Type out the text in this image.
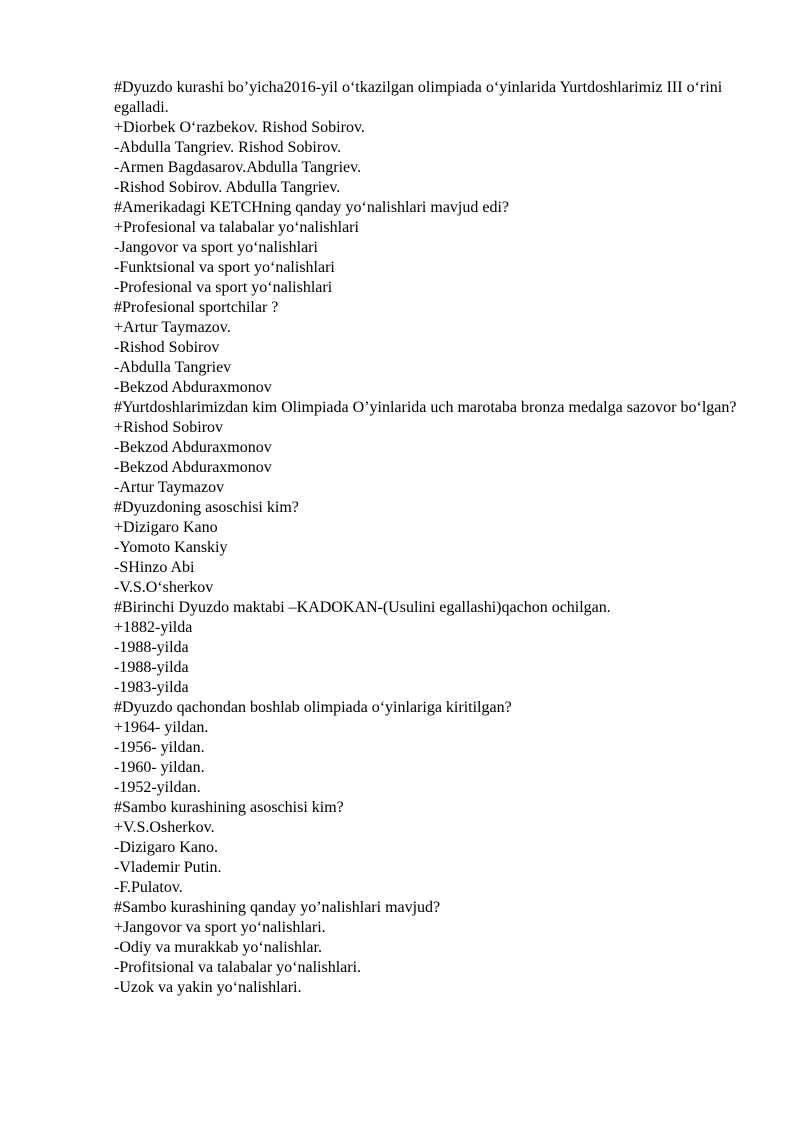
#Dyuzdo kurashi bo’yicha2016-yil o‘tkazilgan olimpiada o‘yinlarida Yurtdoshlarimiz III o‘rini egalladi.

+Diorbek O‘razbekov. Rishod Sobirov.

-Abdulla Tangriev. Rishod Sobirov.

-Armen Bagdasarov.Abdulla Tangriev.

-Rishod Sobirov. Abdulla Tangriev.

#Amerikadagi KETCHning qanday yo‘nalishlari mavjud edi?

+Profesional va talabalar yo‘nalishlari

-Jangovor va sport yo‘nalishlari

-Funktsional va sport yo‘nalishlari

-Profesional va sport yo‘nalishlari

#Profesional sportchilar ?

+Artur Taymazov.

-Rishod Sobirov

-Abdulla Tangriev

-Bekzod Abduraxmonov

#Yurtdoshlarimizdan kim Olimpiada O’yinlarida uch marotaba bronza medalga sazovor bo‘lgan?

+Rishod Sobirov

-Bekzod Abduraxmonov

-Bekzod Abduraxmonov

-Artur Taymazov

#Dyuzdoning asoschisi kim?

+Dizigaro Kano

-Yomoto Kanskiy

-SHinzo Abi

-V.S.O‘sherkov

#Birinchi Dyuzdo maktabi –KADOKAN-(Usulini egallashi)qachon ochilgan.

+1882-yilda

-1988-yilda

-1988-yilda

-1983-yilda

#Dyuzdo qachondan boshlab olimpiada o‘yinlariga kiritilgan?

+1964- yildan.

-1956- yildan.

-1960- yildan.

-1952-yildan.

#Sambo kurashining asoschisi kim?

+V.S.Osherkov.

-Dizigaro Kano.

-Vlademir Putin.

-F.Pulatov.

#Sambo kurashining qanday yo’nalishlari mavjud?

+Jangovor va sport yo‘nalishlari.

-Odiy va murakkab yo‘nalishlar.

-Profitsional va talabalar yo‘nalishlari.

-Uzok va yakin yo‘nalishlari.
